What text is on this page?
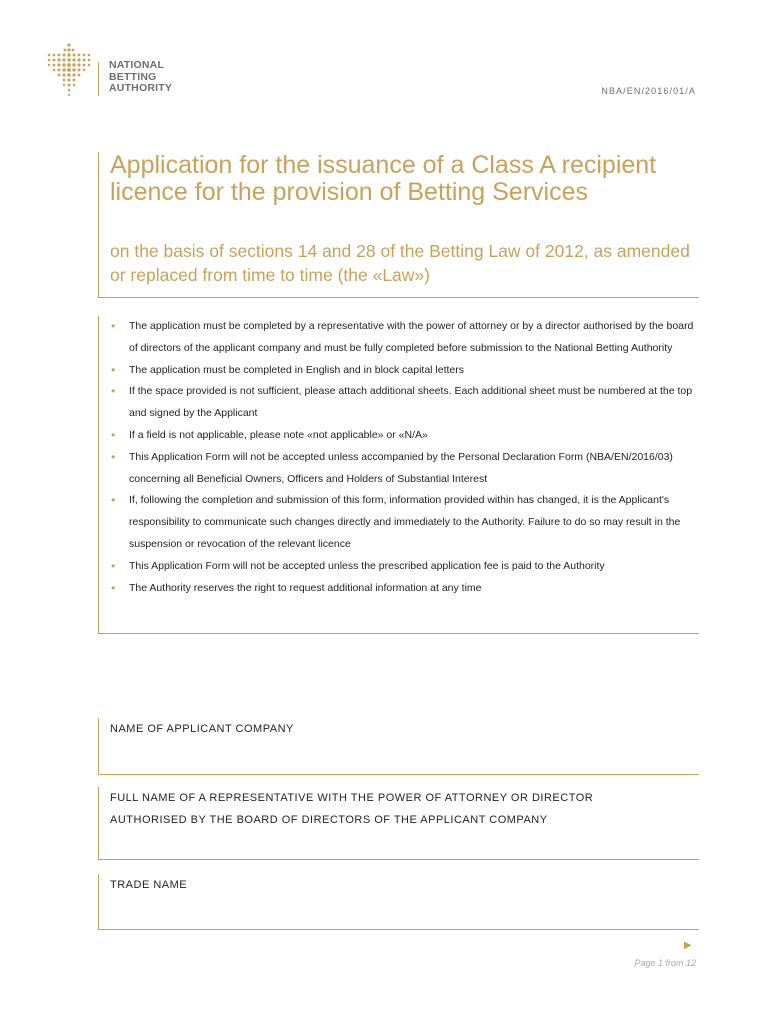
NATIONAL
BETTING
AUTHORITY	NBA/EN/2016/01/A
Application for the issuance of a Class A recipient licence for the provision of Betting Services
on the basis of sections 14 and 28 of the Betting Law of 2012, as amended or replaced from time to time (the «Law»)
• The application must be completed by a representative with the power of attorney or by a director authorised by the board of directors of the applicant company and must be fully completed before submission to the National Betting Authority
• The application must be completed in English and in block capital letters
• If the space provided is not sufficient, please attach additional sheets. Each additional sheet must be numbered at the top and signed by the Applicant
• If a field is not applicable, please note «not applicable» or «N/A»
• This Application Form will not be accepted unless accompanied by the Personal Declaration Form (NBA/EN/2016/03) concerning all Beneficial Owners, Officers and Holders of Substantial Interest
• If, following the completion and submission of this form, information provided within has changed, it is the Applicant's responsibility to communicate such changes directly and immediately to the Authority. Failure to do so may result in the suspension or revocation of the relevant licence
• This Application Form will not be accepted unless the prescribed application fee is paid to the Authority
• The Authority reserves the right to request additional information at any time
NAME OF APPLICANT COMPANY
FULL NAME OF A REPRESENTATIVE WITH THE POWER OF ATTORNEY OR DIRECTOR
AUTHORISED BY THE BOARD OF DIRECTORS OF THE APPLICANT COMPANY
TRADE NAME
▶
Page 1 from 12
